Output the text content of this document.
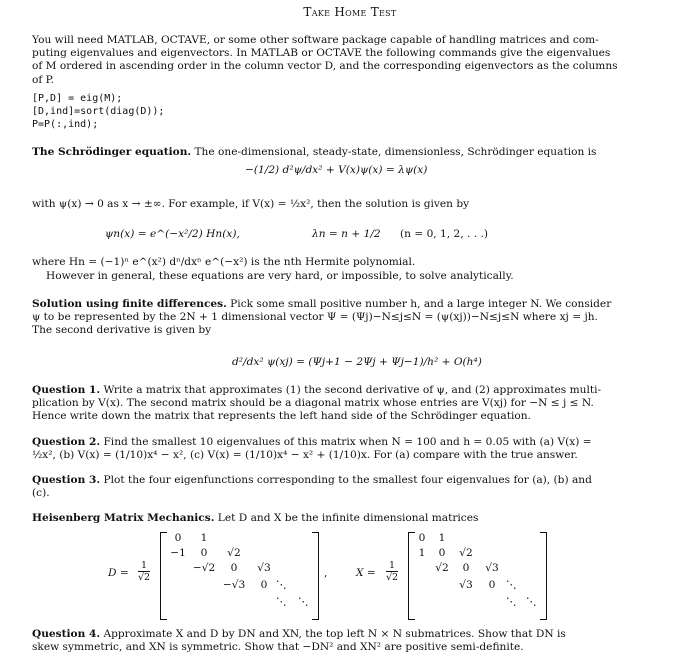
Take Home Test
You will need MATLAB, OCTAVE, or some other software package capable of handling matrices and com-
puting eigenvalues and eigenvectors. In MATLAB or OCTAVE the following commands give the eigenvalues
of M ordered in ascending order in the column vector D, and the corresponding eigenvectors as the columns
of P.
[P,D] = eig(M);
[D,ind]=sort(diag(D));
P=P(:,ind);
The Schrödinger equation. The one-dimensional, steady-state, dimensionless, Schrödinger equation is
−(1/2) d²ψ/dx² + V(x)ψ(x) = λψ(x)
with ψ(x) → 0 as x → ±∞. For example, if V(x) = ½x², then the solution is given by
ψn(x) = e^(−x²/2) Hn(x),	λn = n + 1/2 (n = 0, 1, 2, . . .)
where Hn = (−1)ⁿ e^(x²) dⁿ/dxⁿ e^(−x²) is the nth Hermite polynomial.
However in general, these equations are very hard, or impossible, to solve analytically.
Solution using finite differences. Pick some small positive number h, and a large integer N. We consider
ψ to be represented by the 2N + 1 dimensional vector Ψ = (Ψj)−N≤j≤N = (ψ(xj))−N≤j≤N where xj = jh.
The second derivative is given by
d²/dx² ψ(xj) = (Ψj+1 − 2Ψj + Ψj−1)/h² + O(h⁴)
Question 1. Write a matrix that approximates (1) the second derivative of ψ, and (2) approximates multi-
plication by V(x). The second matrix should be a diagonal matrix whose entries are V(xj) for −N ≤ j ≤ N.
Hence write down the matrix that represents the left hand side of the Schrödinger equation.
Question 2. Find the smallest 10 eigenvalues of this matrix when N = 100 and h = 0.05 with (a) V(x) =
½x², (b) V(x) = (1/10)x⁴ − x², (c) V(x) = (1/10)x⁴ − x² + (1/10)x. For (a) compare with the true answer.
Question 3. Plot the four eigenfunctions corresponding to the smallest four eigenvalues for (a), (b) and
(c).
Heisenberg Matrix Mechanics. Let D and X be the infinite dimensional matrices
$D = \frac{1}{√2}$
0	1
−1	0	√2
−√2	0	√3
−√3	0 ⋱
⋱ ⋱
,	$X = \frac{1}{√2}$
0	1
1	0	√2
√2	0	√3
√3	0	⋱
⋱ ⋱
Question 4. Approximate X and D by DN and XN, the top left N × N submatrices. Show that DN is
skew symmetric, and XN is symmetric. Show that −DN² and XN² are positive semi-definite.
